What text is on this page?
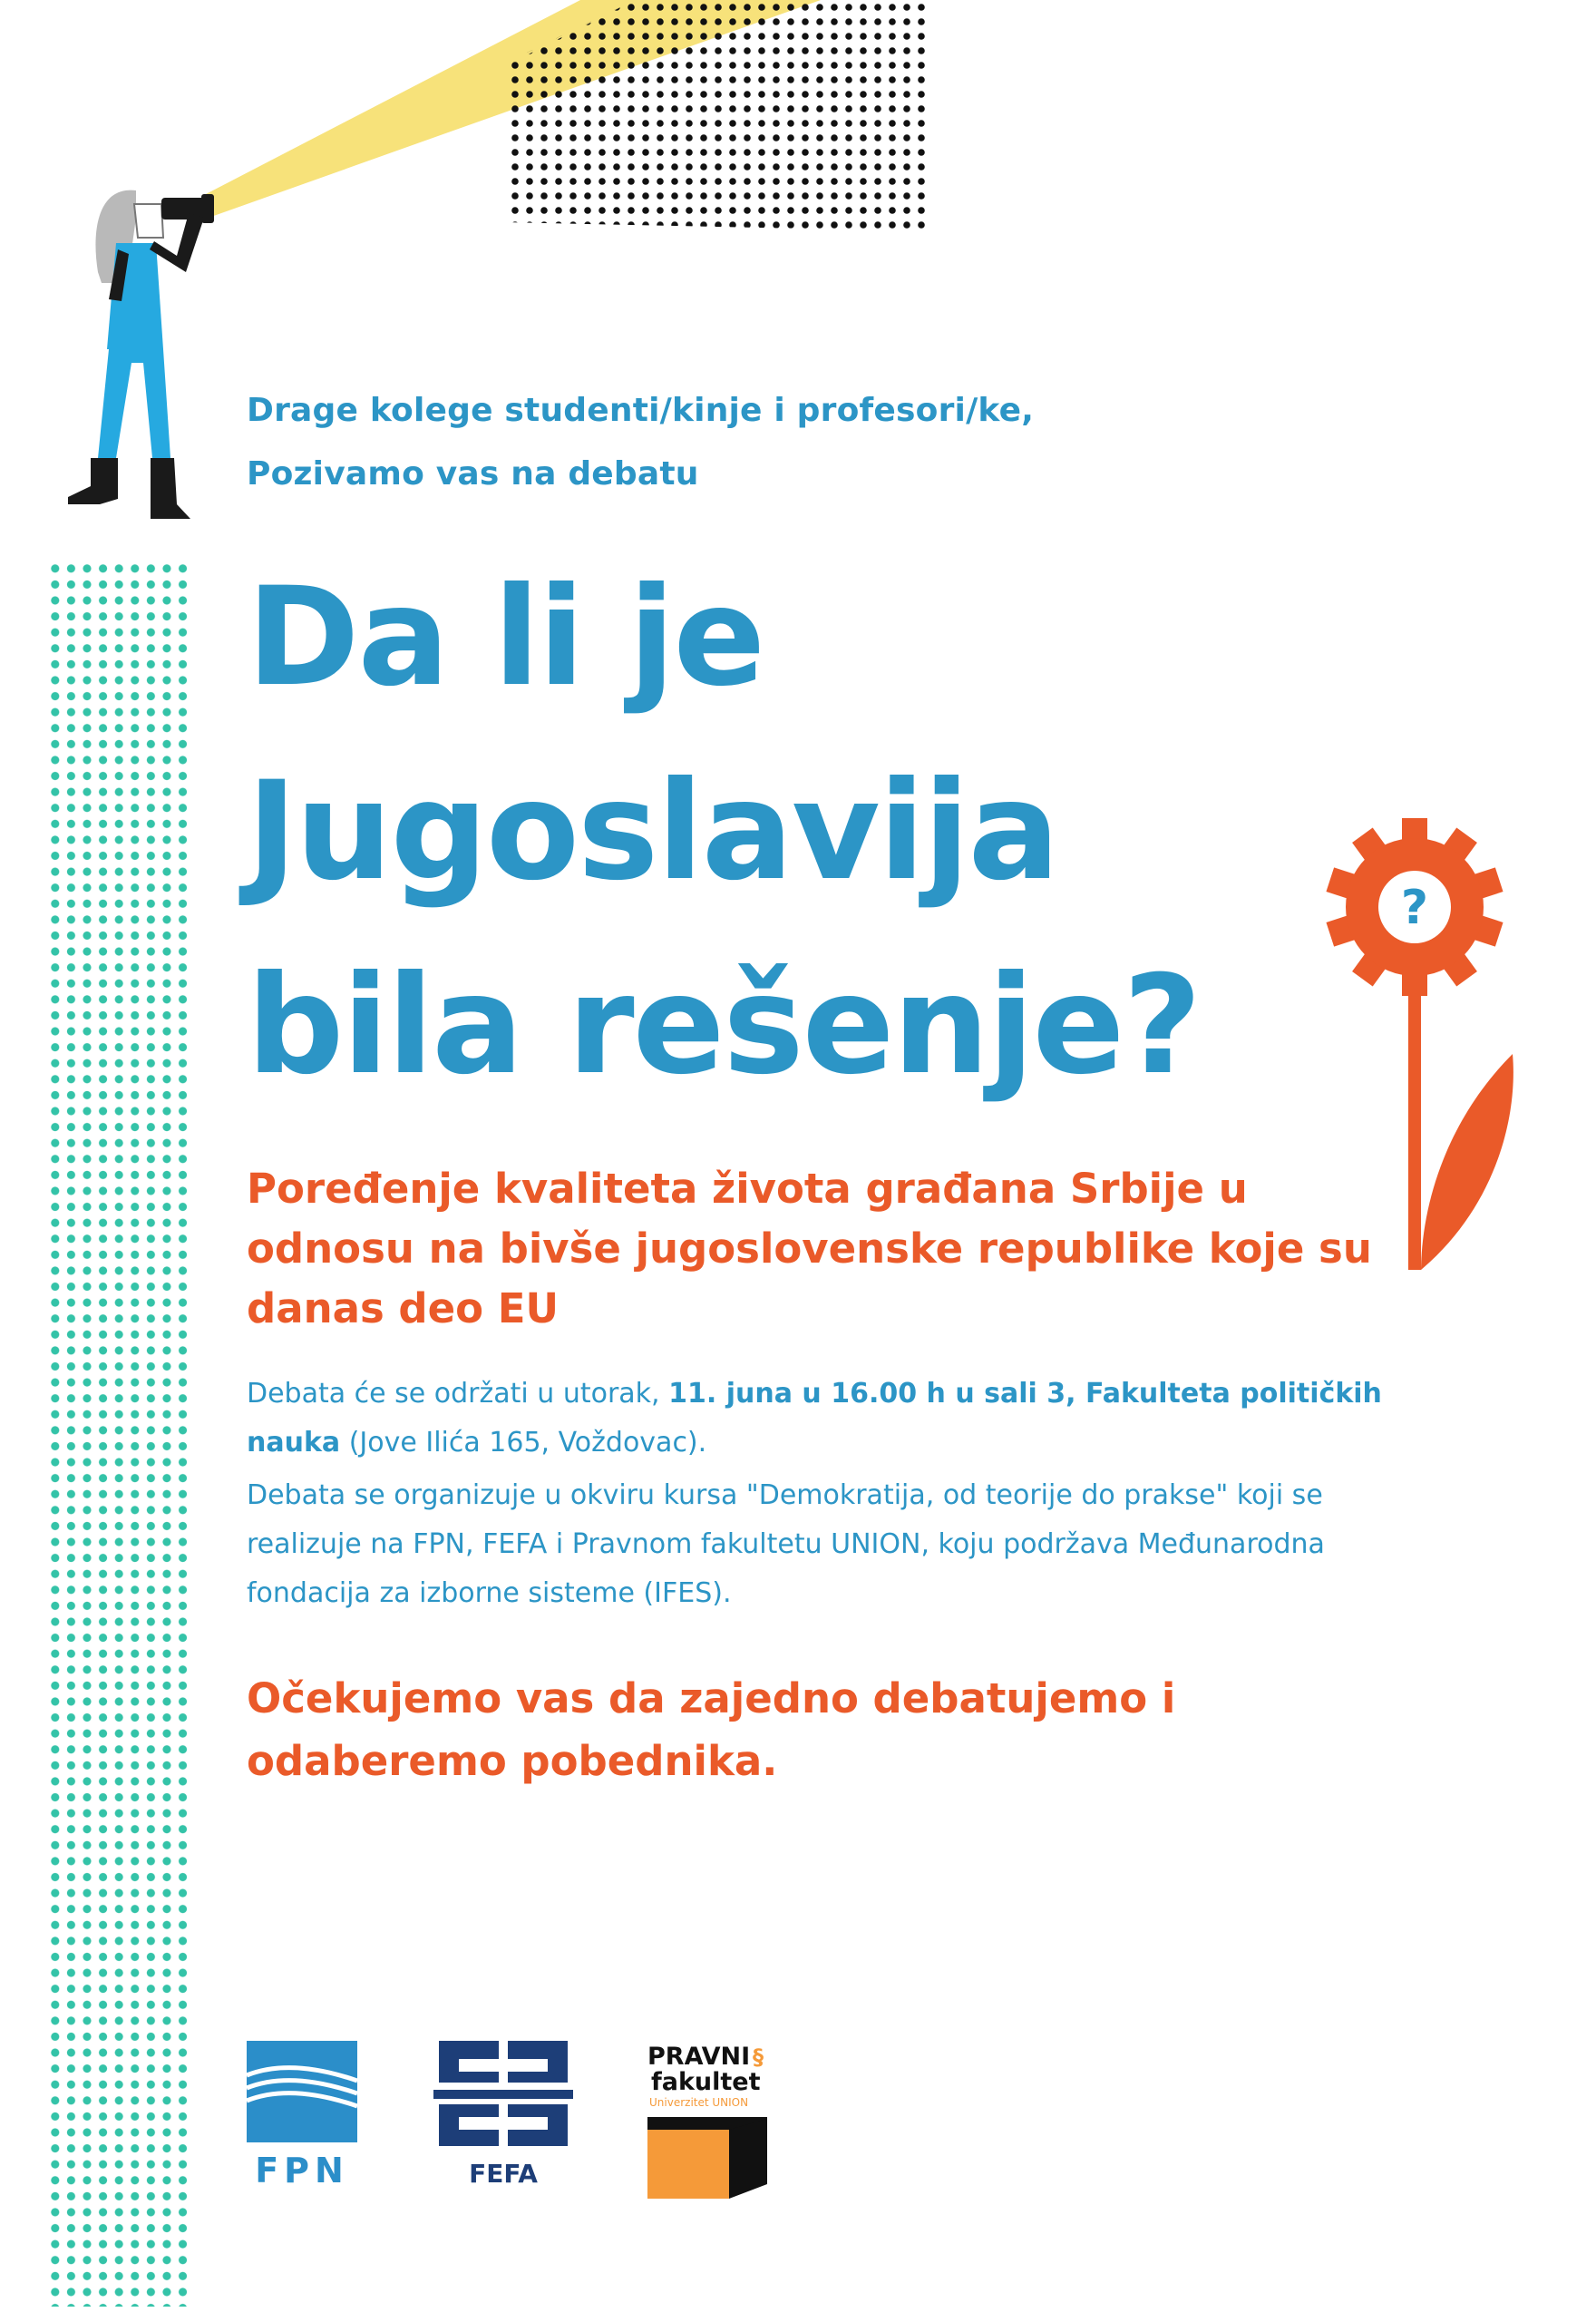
Drage kolege studenti/kinje i profesori/ke,
Pozivamo vas na debatu
Da li je
Jugoslavija
bila rešenje?
?
Poređenje kvaliteta života građana Srbije u odnosu na bivše jugoslovenske republike koje su danas deo EU
Debata će se održati u utorak, 11. juna u 16.00 h u sali 3, Fakulteta političkih nauka (Jove Ilića 165, Voždovac).
Debata se organizuje u okviru kursa "Demokratija, od teorije do prakse" koji se realizuje na FPN, FEFA i Pravnom fakultetu UNION, koju podržava Međunarodna fondacija za izborne sisteme (IFES).
Očekujemo vas da zajedno debatujemo i odaberemo pobednika.
FPN	FEFA
PRAVNI §
fakultet
Univerzitet UNION
